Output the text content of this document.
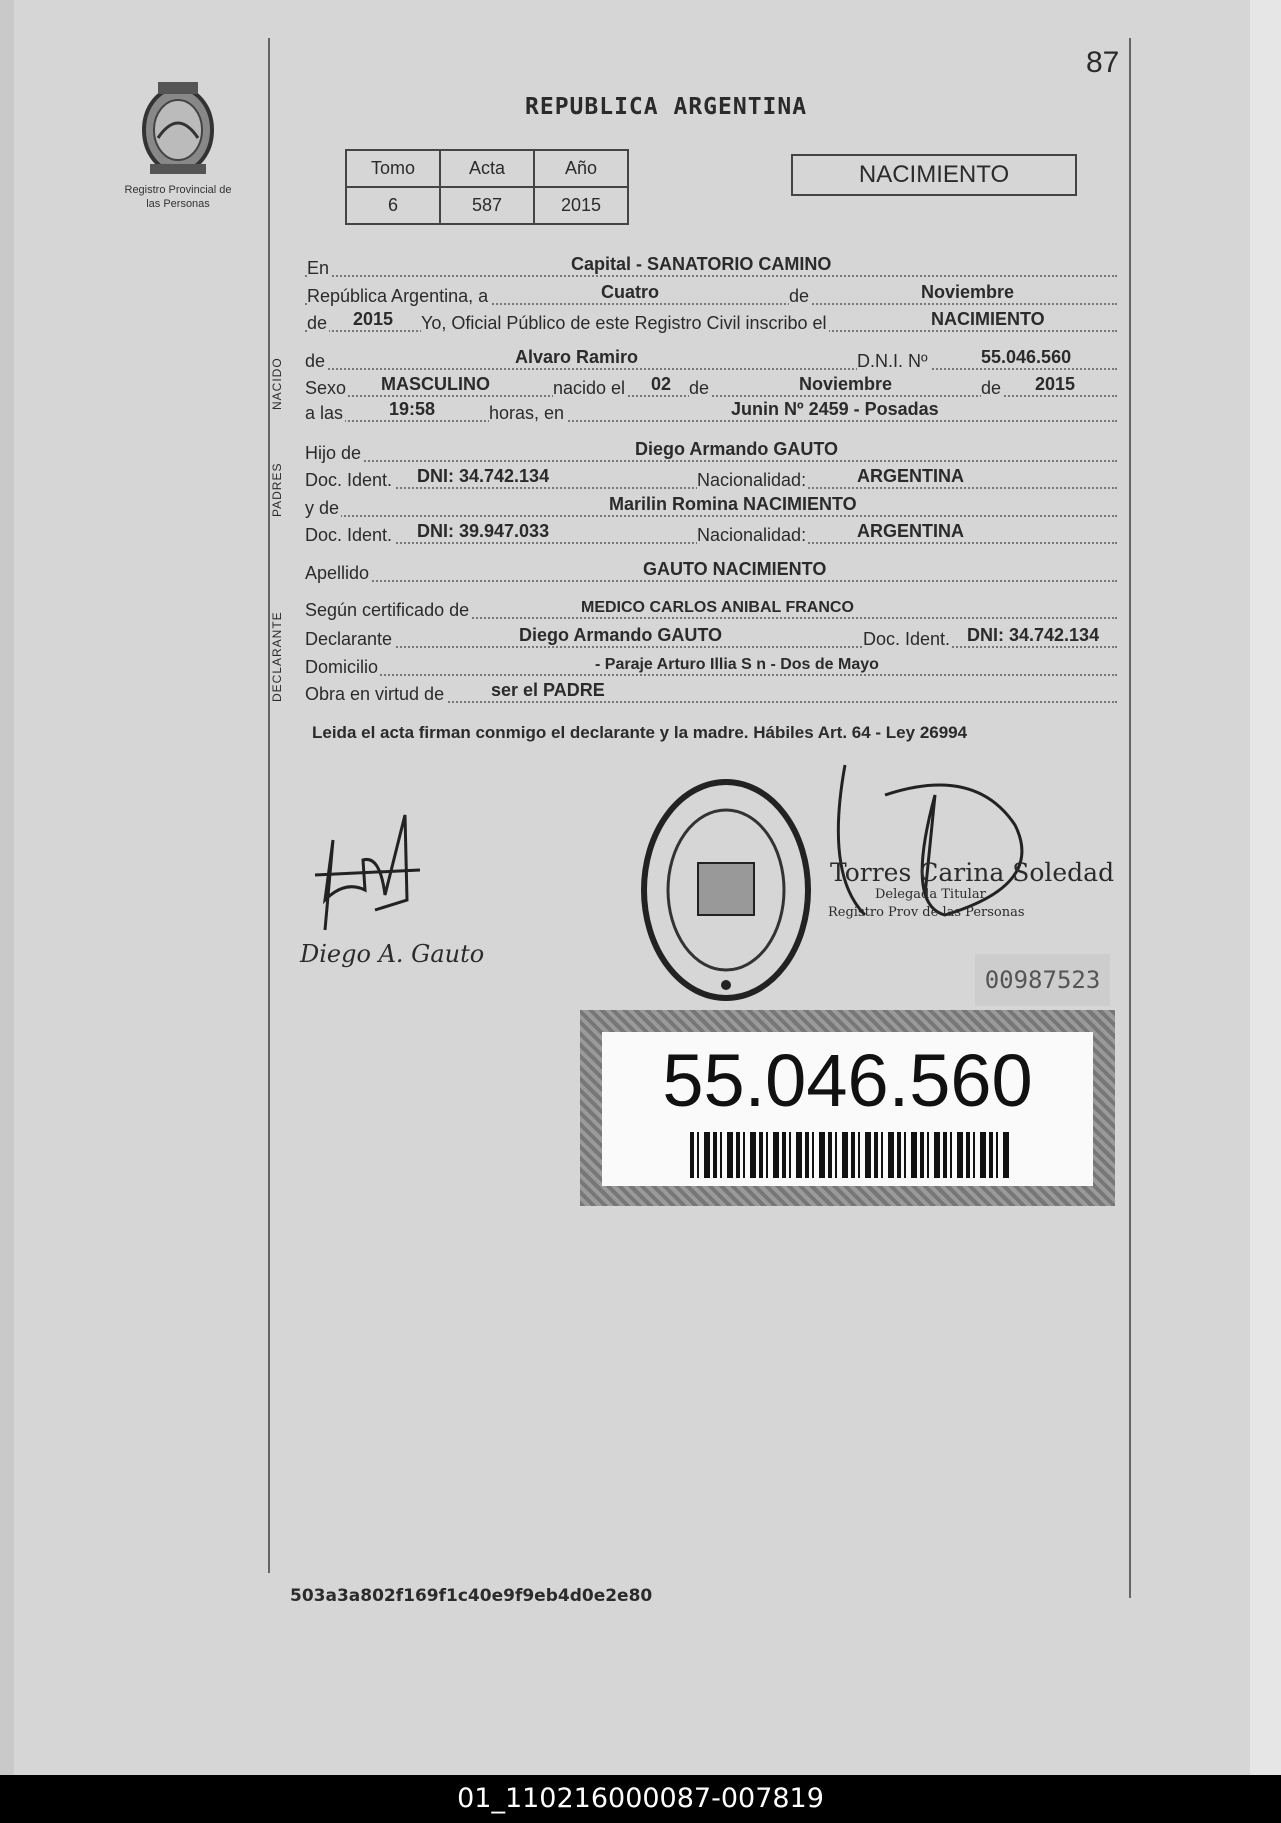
87
Registro Provincial de las Personas
REPUBLICA ARGENTINA
Tomo	Acta	Año
6	587	2015
NACIMIENTO
En	Capital - SANATORIO CAMINO
República Argentina, a	Cuatro	de	Noviembre
de 2015 Yo, Oficial Público de este Registro Civil inscribo el	NACIMIENTO
NACIDO de	Alvaro Ramiro	D.N.I. Nº	55.046.560
Sexo MASCULINO	nacido el 02 de	Noviembre	de 2015
a las	19:58	horas, en	Junin Nº 2459 - Posadas
PADRES
Hijo de	Diego Armando GAUTO
Doc. Ident. DNI: 34.742.134	Nacionalidad:	ARGENTINA
y de	Marilin Romina NACIMIENTO
Doc. Ident. DNI: 39.947.033	Nacionalidad:	ARGENTINA
Apellido	GAUTO NACIMIENTO
DECLARANTE
Según certificado de	MEDICO CARLOS ANIBAL FRANCO
Declarante	Diego Armando GAUTO	Doc. Ident. DNI: 34.742.134
Domicilio	- Paraje Arturo Illia S n - Dos de Mayo
Obra en virtud de	ser el PADRE
Leida el acta firman conmigo el declarante y la madre. Hábiles Art. 64 - Ley 26994
Diego A. Gauto
Torres Carina Soledad
Delegada Titular
Registro Prov de las Personas
00987523
55.046.560
503a3a802f169f1c40e9f9eb4d0e2e80
01_110216000087-007819
